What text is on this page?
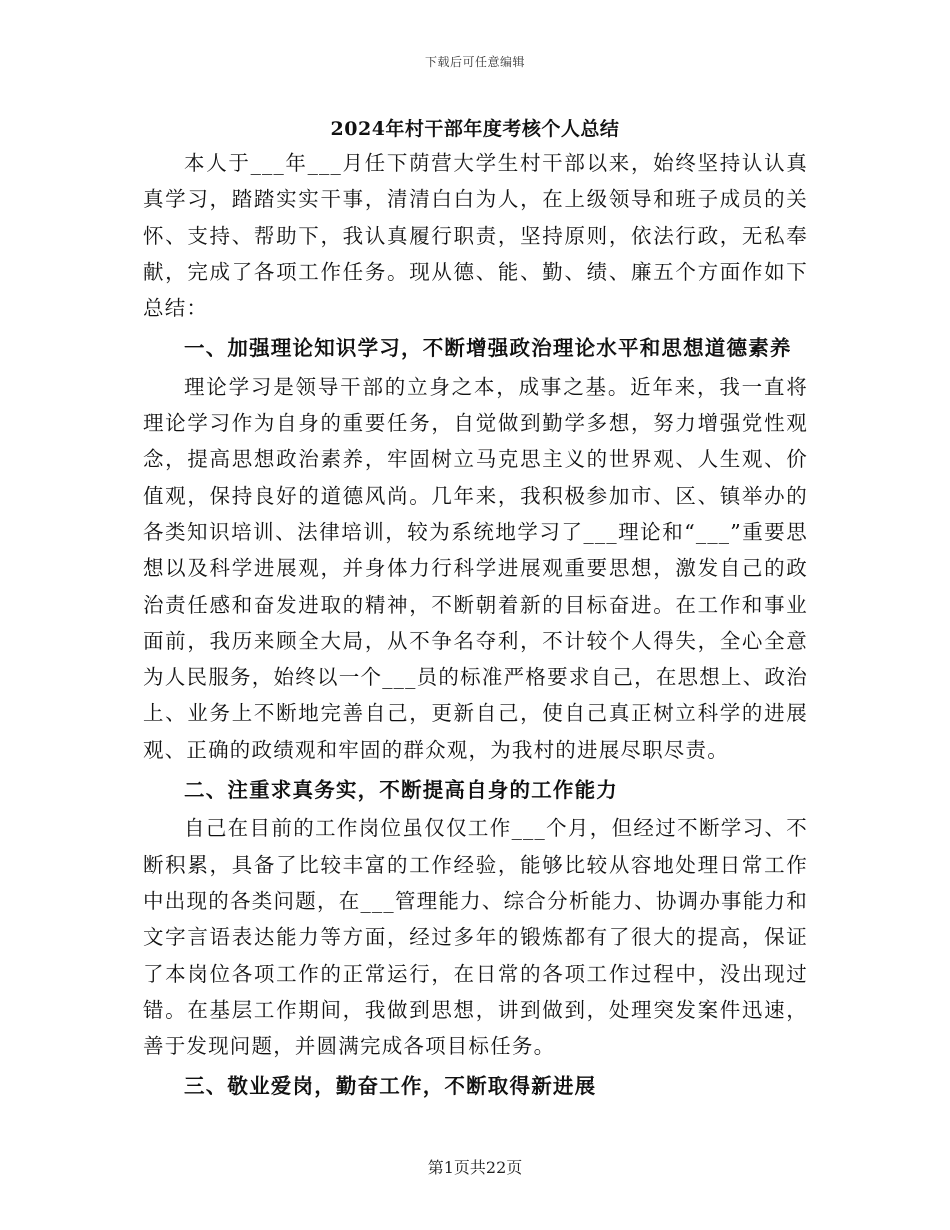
下载后可任意编辑
2024年村干部年度考核个人总结

本人于___年___月任下荫营大学生村干部以来，始终坚持认认真真学习，踏踏实实干事，清清白白为人，在上级领导和班子成员的关怀、支持、帮助下，我认真履行职责，坚持原则，依法行政，无私奉献，完成了各项工作任务。现从德、能、勤、绩、廉五个方面作如下总结：

一、加强理论知识学习，不断增强政治理论水平和思想道德素养

理论学习是领导干部的立身之本，成事之基。近年来，我一直将理论学习作为自身的重要任务，自觉做到勤学多想，努力增强党性观念，提高思想政治素养，牢固树立马克思主义的世界观、人生观、价值观，保持良好的道德风尚。几年来，我积极参加市、区、镇举办的各类知识培训、法律培训，较为系统地学习了___理论和“___”重要思想以及科学进展观，并身体力行科学进展观重要思想，激发自己的政治责任感和奋发进取的精神，不断朝着新的目标奋进。在工作和事业面前，我历来顾全大局，从不争名夺利，不计较个人得失，全心全意为人民服务，始终以一个___员的标准严格要求自己，在思想上、政治上、业务上不断地完善自己，更新自己，使自己真正树立科学的进展观、正确的政绩观和牢固的群众观，为我村的进展尽职尽责。

二、注重求真务实，不断提高自身的工作能力

自己在目前的工作岗位虽仅仅工作___个月，但经过不断学习、不断积累，具备了比较丰富的工作经验，能够比较从容地处理日常工作中出现的各类问题，在___管理能力、综合分析能力、协调办事能力和文字言语表达能力等方面，经过多年的锻炼都有了很大的提高，保证了本岗位各项工作的正常运行，在日常的各项工作过程中，没出现过错。在基层工作期间，我做到思想，讲到做到，处理突发案件迅速，善于发现问题，并圆满完成各项目标任务。

三、敬业爱岗，勤奋工作，不断取得新进展

第1页共22页
